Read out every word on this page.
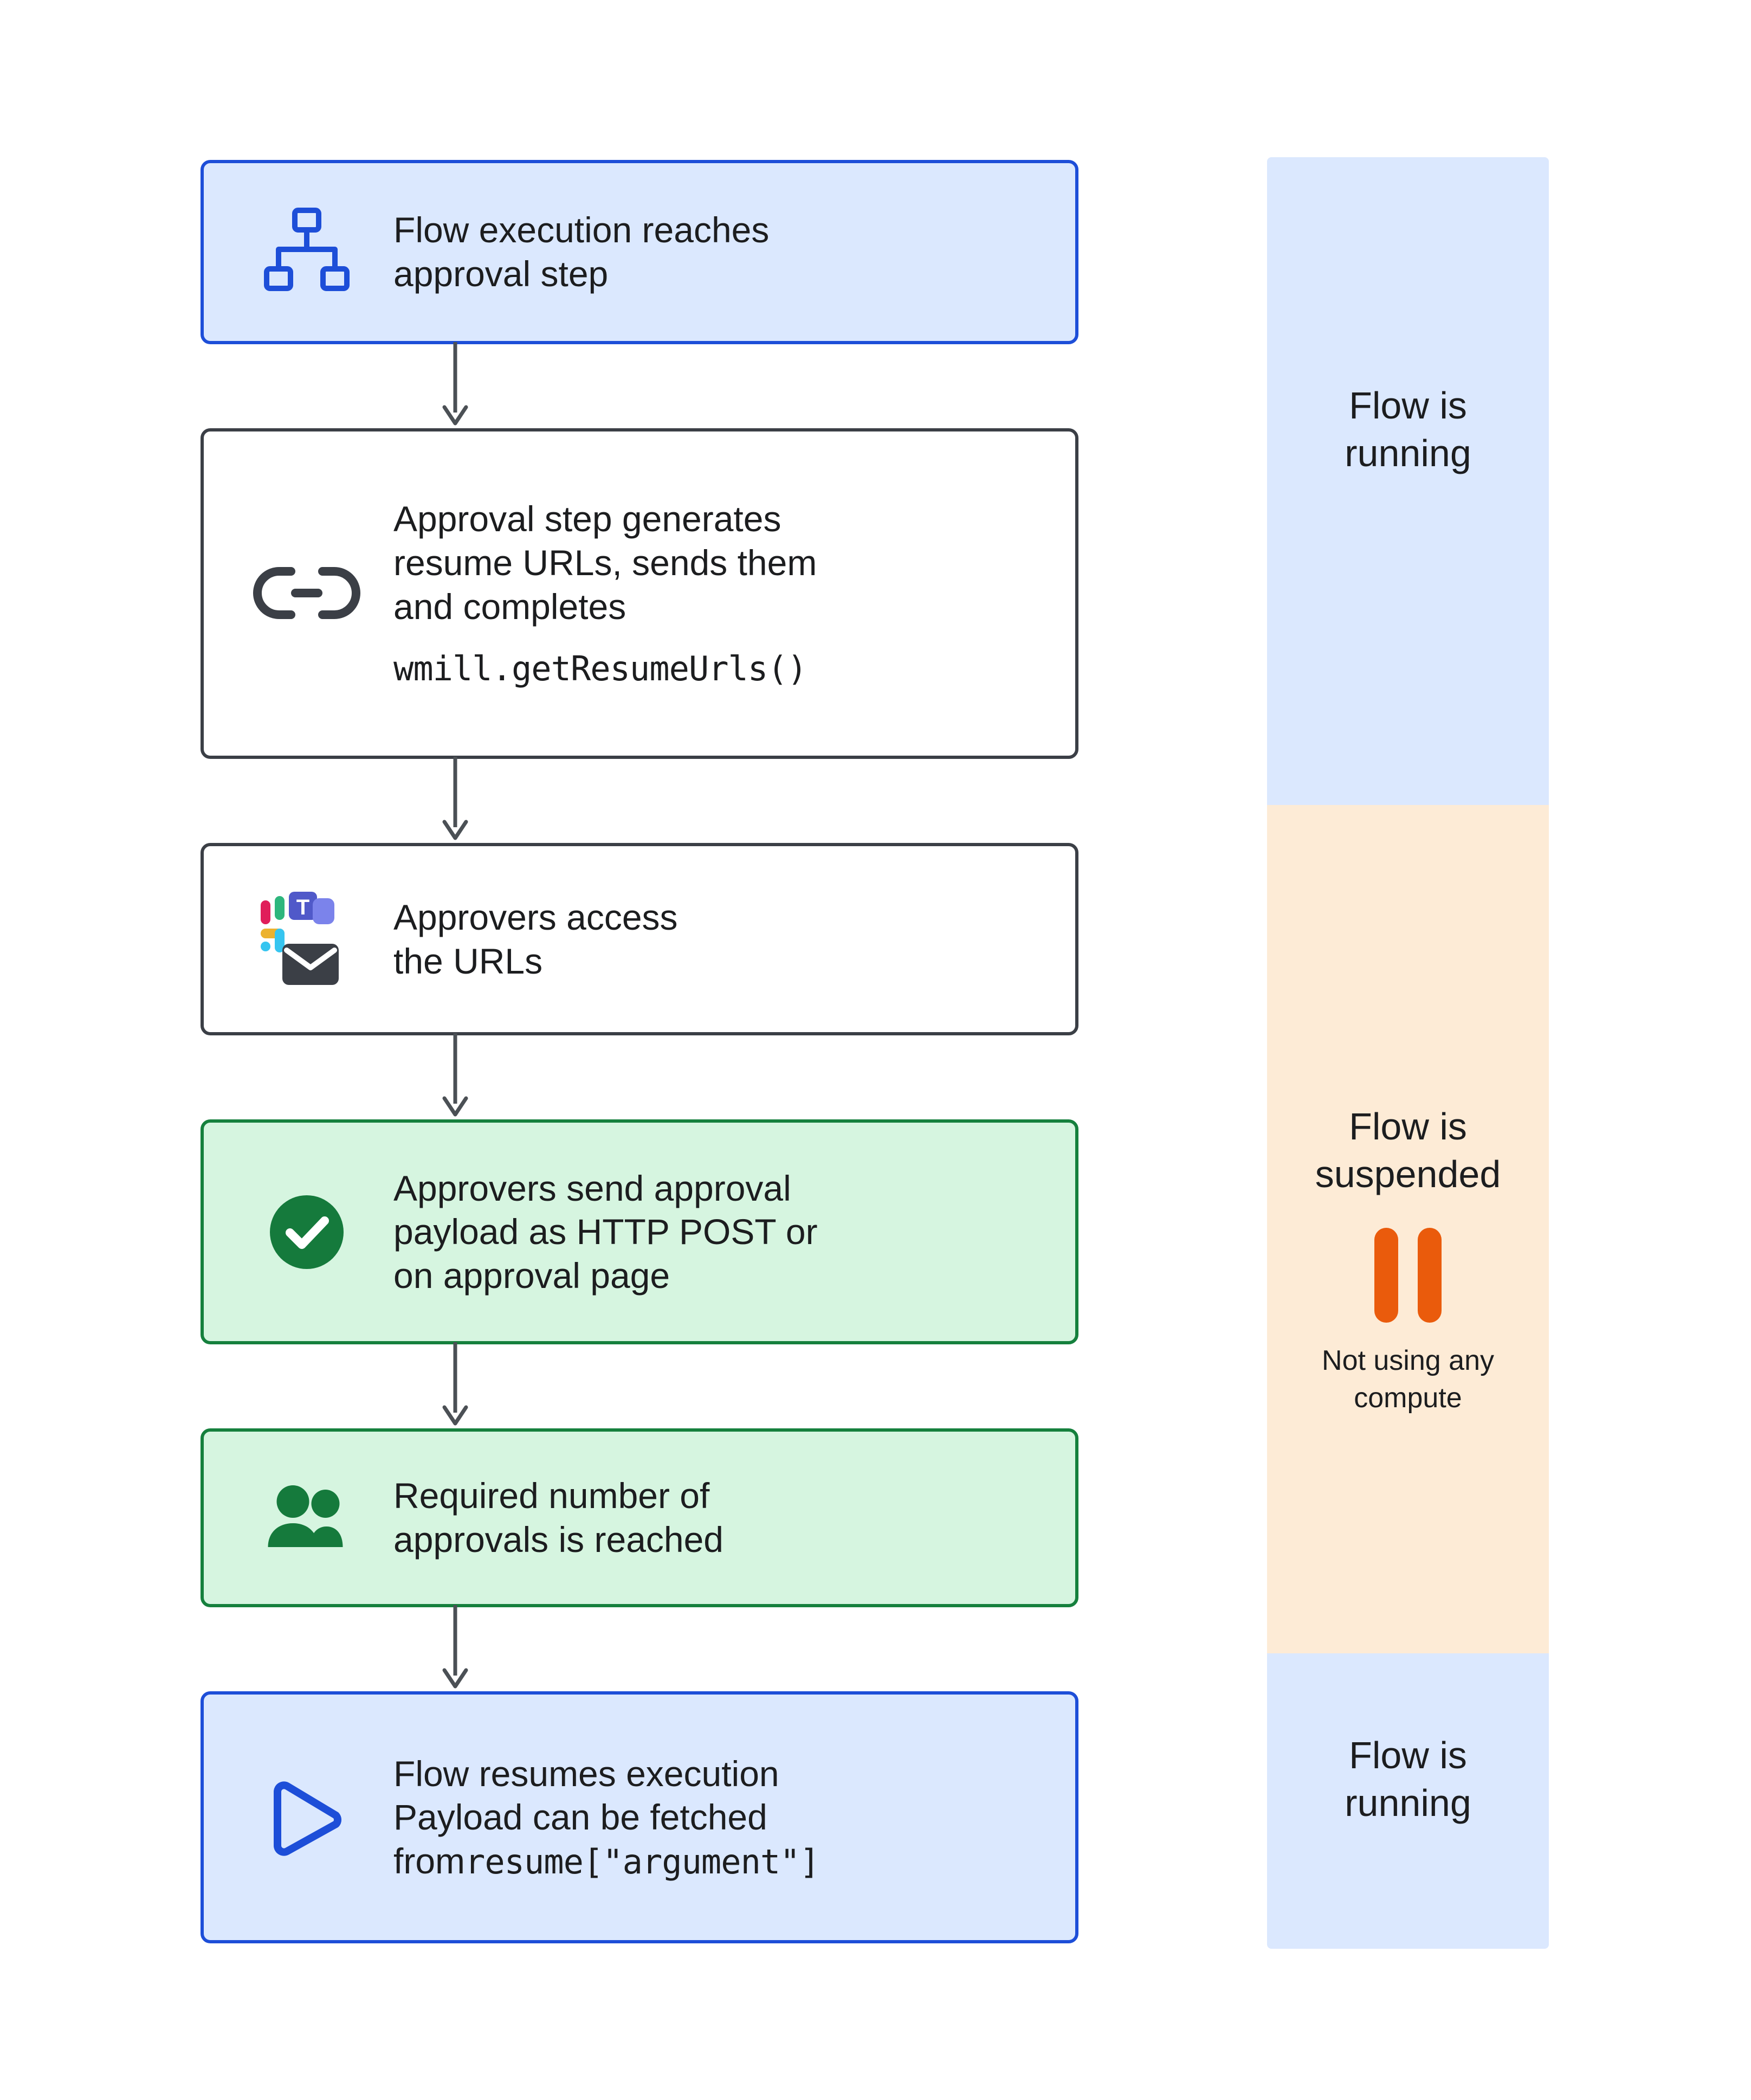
Flow execution reaches
approval step
Approval step generates
resume URLs, sends them
and completes
wmill.getResumeUrls()
T Approvers access
the URLs
Approvers send approval
payload as HTTP POST or
on approval page
Required number of
approvals is reached
Flow resumes execution
Payload can be fetched
from resume["argument"]
Flow is
running
Flow is
suspended
Not using any
compute
Flow is
running
